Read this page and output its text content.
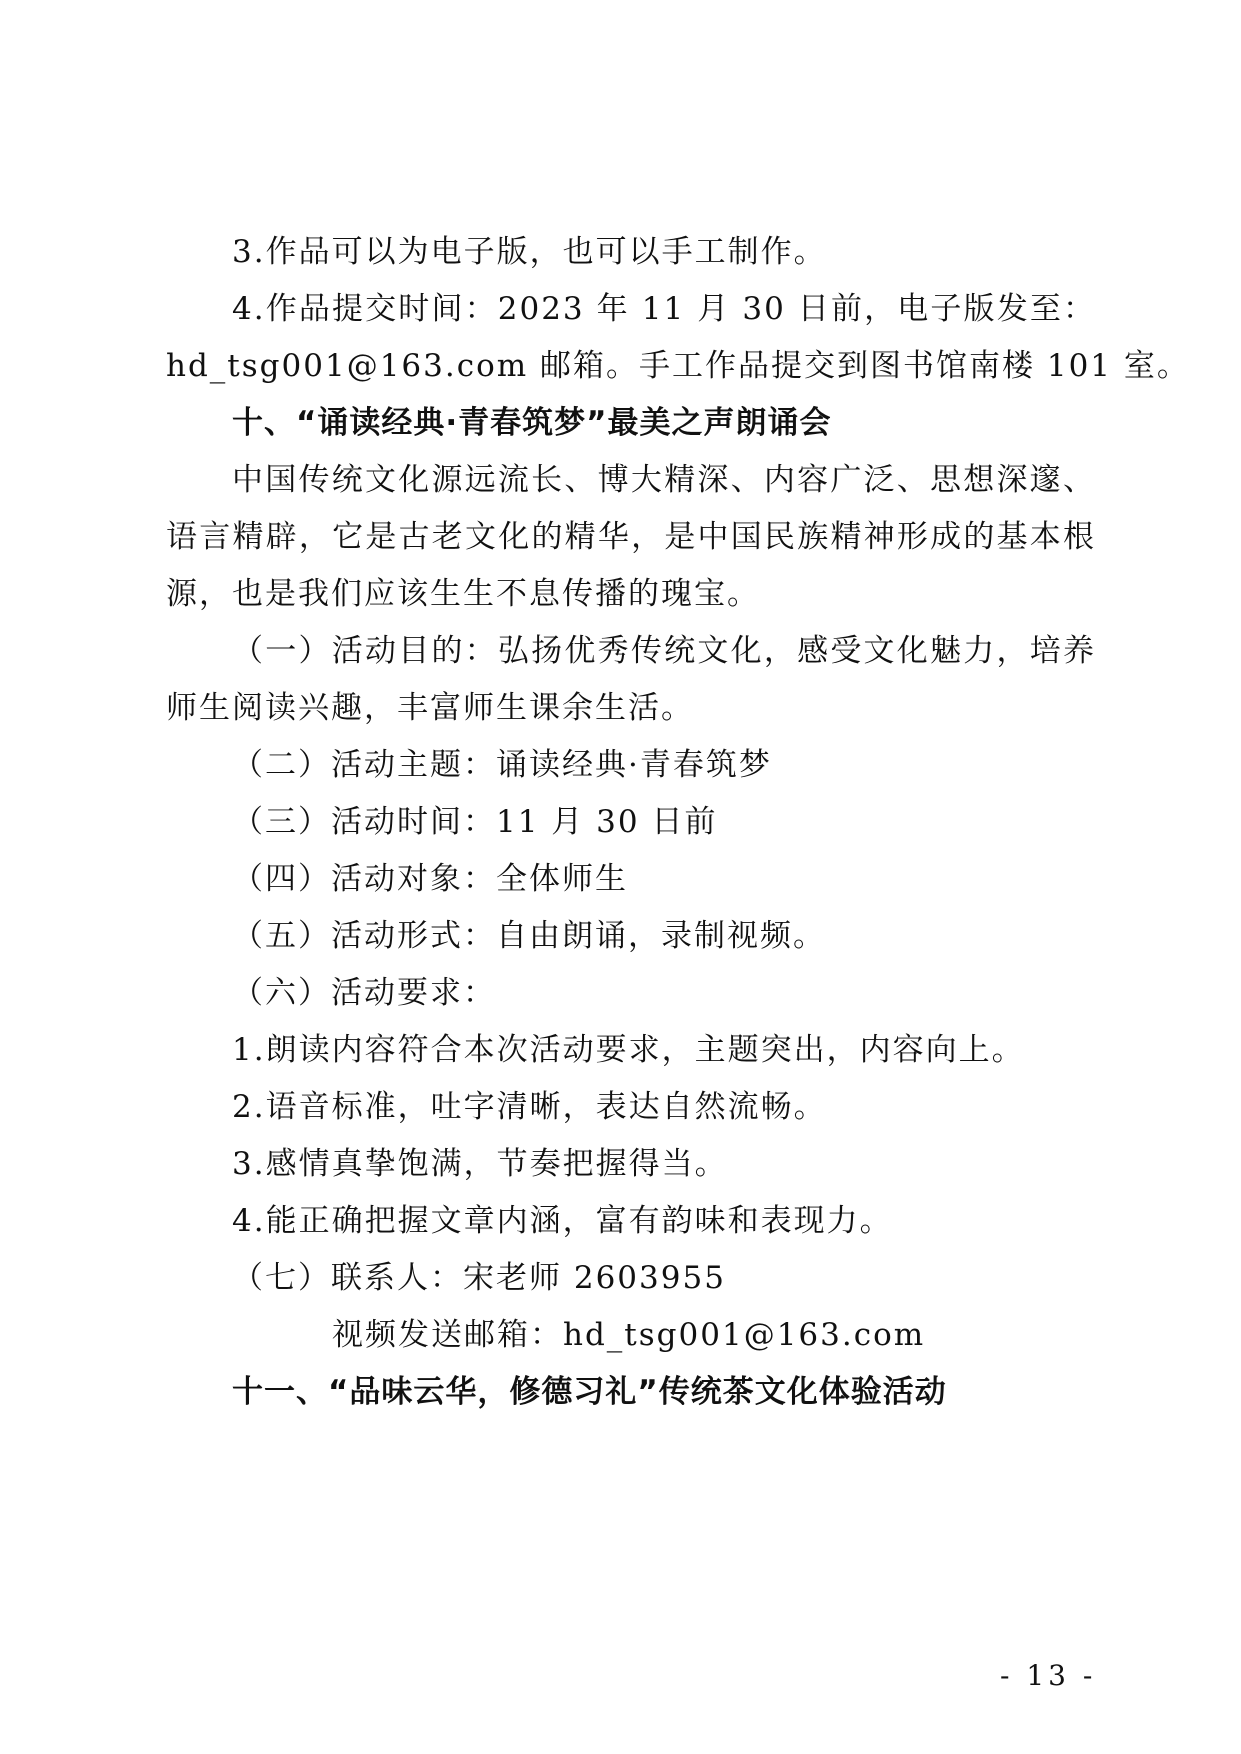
3.作品可以为电子版，也可以手工制作。
4.作品提交时间：2023 年 11 月 30 日前，电子版发至：
hd_tsg001@163.com 邮箱。手工作品提交到图书馆南楼 101 室。
十、“诵读经典·青春筑梦”最美之声朗诵会
中国传统文化源远流长、博大精深、内容广泛、思想深邃、
语言精辟，它是古老文化的精华，是中国民族精神形成的基本根
源，也是我们应该生生不息传播的瑰宝。
（一）活动目的：弘扬优秀传统文化，感受文化魅力，培养
师生阅读兴趣，丰富师生课余生活。
（二）活动主题：诵读经典·青春筑梦
（三）活动时间：11 月 30 日前
（四）活动对象：全体师生
（五）活动形式：自由朗诵，录制视频。
（六）活动要求：
1.朗读内容符合本次活动要求，主题突出，内容向上。
2.语音标准，吐字清晰，表达自然流畅。
3.感情真挚饱满，节奏把握得当。
4.能正确把握文章内涵，富有韵味和表现力。
（七）联系人：宋老师 2603955
视频发送邮箱：hd_tsg001@163.com
十一、“品味云华，修德习礼”传统茶文化体验活动
- 13 -
